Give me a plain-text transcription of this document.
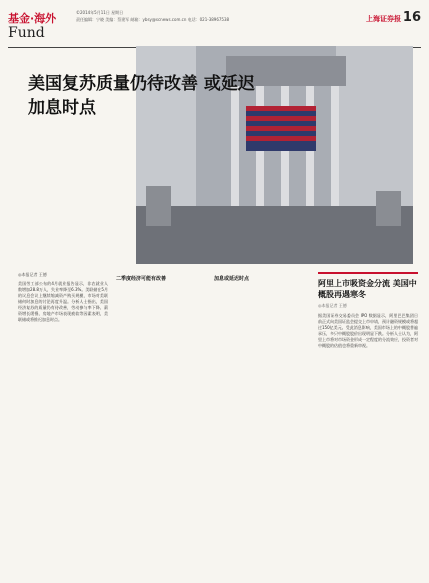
基金·海外
Fund
©2014年5月11日 星期日
责任编辑：宁晓 美编：蔡建军 邮箱：ybsy@scnews.com.cn 电话：021-38967538	上海证券报 16
美国复苏质量仍待改善 或延迟加息时点
◎本报记者 王德
美国劳工部公布的4月就业报告显示，非农就业人数增加28.8万人，失业率降至6.3%。美联储在5月的议息会议上继续缩减资产购买规模，市场对美联储何时加息的讨论再度升温。分析人士指出，美国经济复苏的质量仍有待改善，劳动参与率下降、薪资增长缓慢、房地产市场表现疲软等因素表明，美联储或将推迟加息时点。
二季度经济可能有改善	加息或延迟时点	阿里上市吸资金分流 美国中概股再遇寒冬
◎本报记者 王德
据美国证券交易委员会 IPO 数据显示，阿里巴巴集团日前正式向美国证监会提交上市申请，预计融资规模或将超过150亿美元。受此消息影响，美国市场上的中概股普遍承压，多只中概股股价出现明显下跌。分析人士认为，阿里上市将对市场资金形成一定程度的分流效应，投资者对中概股的估值也将重新审视。
